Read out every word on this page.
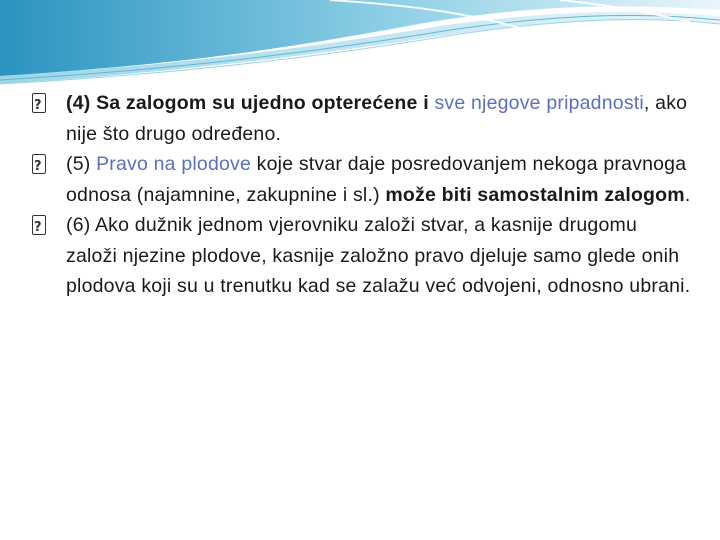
?
(4) Sa zalogom su ujedno opterećene i sve njegove pripadnosti, ako nije što drugo određeno.

?
(5) Pravo na plodove koje stvar daje posredovanjem nekoga pravnoga odnosa (najamnine, zakupnine i sl.) može biti samostalnim zalogom.

?
(6) Ako dužnik jednom vjerovniku založi stvar, a kasnije drugomu založi njezine plodove, kasnije založno pravo djeluje samo glede onih plodova koji su u trenutku kad se zalažu već odvojeni, odnosno ubrani.
